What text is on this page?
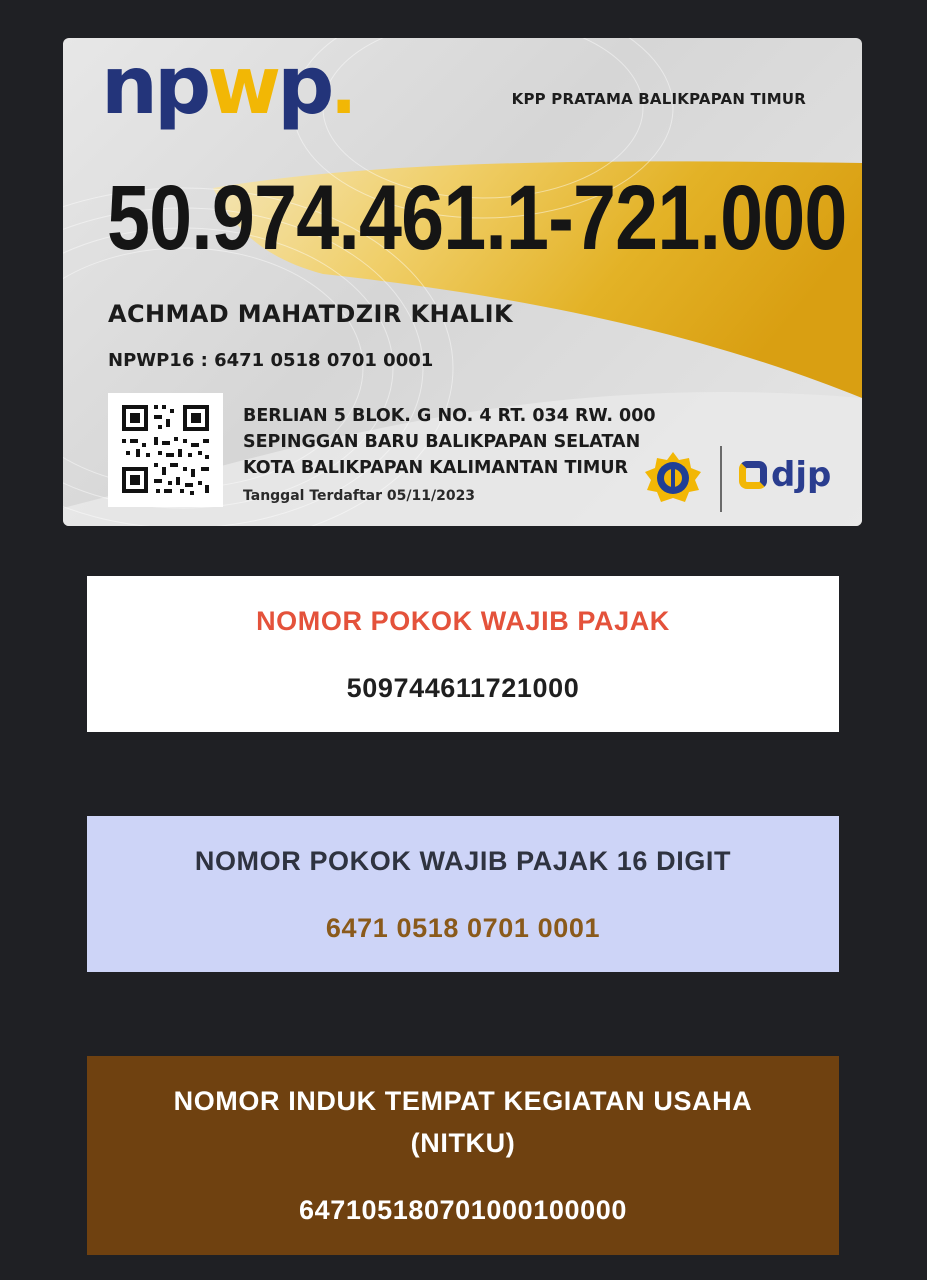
npwp.	KPP PRATAMA BALIKPAPAN TIMUR
50.974.461.1-721.000
ACHMAD MAHATDZIR KHALIK
NPWP16 : 6471 0518 0701 0001
BERLIAN 5 BLOK. G NO. 4 RT. 034 RW. 000
SEPINGGAN BARU BALIKPAPAN SELATAN
KOTA BALIKPAPAN KALIMANTAN TIMUR
Tanggal Terdaftar 05/11/2023
djp
NOMOR POKOK WAJIB PAJAK
509744611721000
NOMOR POKOK WAJIB PAJAK 16 DIGIT
6471 0518 0701 0001
NOMOR INDUK TEMPAT KEGIATAN USAHA
(NITKU)
647105180701000100000
